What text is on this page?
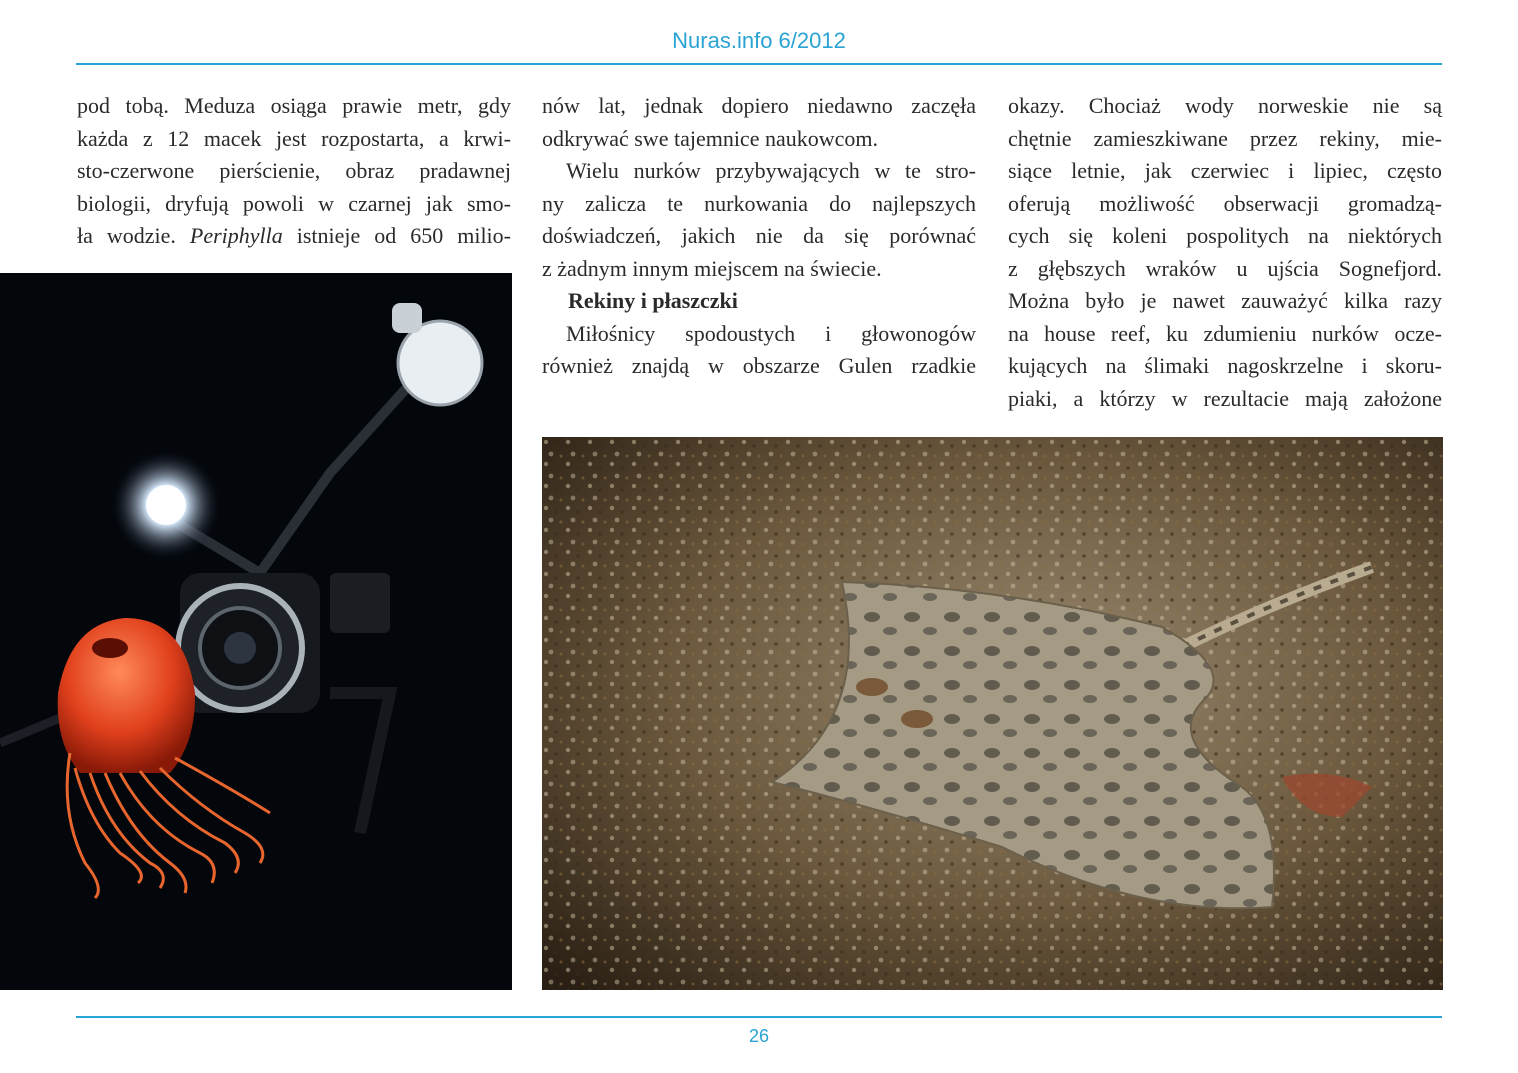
Nuras.info 6/2012

pod tobą. Meduza osiąga prawie metr, gdy

każda z 12 macek jest rozpostarta, a krwi-

sto-czerwone pierścienie, obraz pradawnej

biologii, dryfują powoli w czarnej jak smo-

ła wodzie. Periphylla istnieje od 650 milio-

nów lat, jednak dopiero niedawno zaczęła

odkrywać swe tajemnice naukowcom.

Wielu nurków przybywających w te stro-

ny zalicza te nurkowania do najlepszych

doświadczeń, jakich nie da się porównać

z żadnym innym miejscem na świecie.

Rekiny i płaszczki

Miłośnicy spodoustych i głowonogów

również znajdą w obszarze Gulen rzadkie

okazy. Chociaż wody norweskie nie są

chętnie zamieszkiwane przez rekiny, mie-

siące letnie, jak czerwiec i lipiec, często

oferują możliwość obserwacji gromadzą-

cych się koleni pospolitych na niektórych

z głębszych wraków u ujścia Sognefjord.

Można było je nawet zauważyć kilka razy

na house reef, ku zdumieniu nurków ocze-

kujących na ślimaki nagoskrzelne i skoru-

piaki, a którzy w rezultacie mają założone

26
